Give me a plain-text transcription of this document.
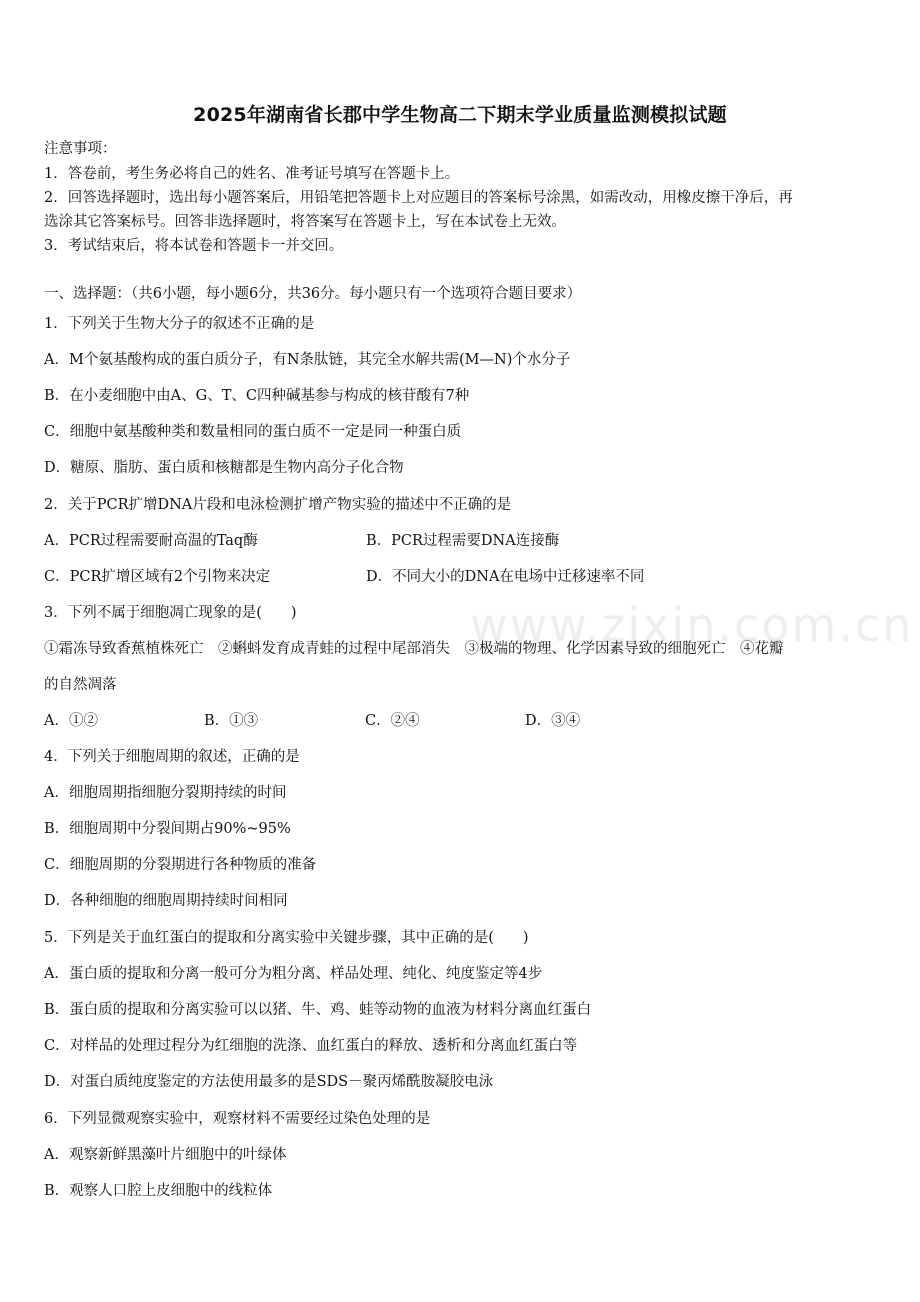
2025年湖南省长郡中学生物高二下期末学业质量监测模拟试题
注意事项：
1．答卷前，考生务必将自己的姓名、准考证号填写在答题卡上。
2．回答选择题时，选出每小题答案后，用铅笔把答题卡上对应题目的答案标号涂黑，如需改动，用橡皮擦干净后，再
选涂其它答案标号。回答非选择题时，将答案写在答题卡上，写在本试卷上无效。
3．考试结束后，将本试卷和答题卡一并交回。
一、选择题：（共6小题，每小题6分，共36分。每小题只有一个选项符合题目要求）
1．下列关于生物大分子的叙述不正确的是
A．M个氨基酸构成的蛋白质分子，有N条肽链，其完全水解共需(M—N)个水分子
B．在小麦细胞中由A、G、T、C四种碱基参与构成的核苷酸有7种
C．细胞中氨基酸种类和数量相同的蛋白质不一定是同一种蛋白质
D．糖原、脂肪、蛋白质和核糖都是生物内高分子化合物
2．关于PCR扩增DNA片段和电泳检测扩增产物实验的描述中不正确的是
A．PCR过程需要耐高温的Taq酶	B．PCR过程需要DNA连接酶
C．PCR扩增区域有2个引物来决定	D．不同大小的DNA在电场中迁移速率不同
3．下列不属于细胞凋亡现象的是(　　)
①霜冻导致香蕉植株死亡　②蝌蚪发育成青蛙的过程中尾部消失　③极端的物理、化学因素导致的细胞死亡　④花瓣
的自然凋落
A．①②	B．①③	C．②④	D．③④
4．下列关于细胞周期的叙述，正确的是
A．细胞周期指细胞分裂期持续的时间
B．细胞周期中分裂间期占90%~95%
C．细胞周期的分裂期进行各种物质的准备
D．各种细胞的细胞周期持续时间相同
5．下列是关于血红蛋白的提取和分离实验中关键步骤，其中正确的是(　　)
A．蛋白质的提取和分离一般可分为粗分离、样品处理、纯化、纯度鉴定等4步
B．蛋白质的提取和分离实验可以以猪、牛、鸡、蛙等动物的血液为材料分离血红蛋白
C．对样品的处理过程分为红细胞的洗涤、血红蛋白的释放、透析和分离血红蛋白等
D．对蛋白质纯度鉴定的方法使用最多的是SDS－聚丙烯酰胺凝胶电泳
6．下列显微观察实验中，观察材料不需要经过染色处理的是
A．观察新鲜黑藻叶片细胞中的叶绿体
B．观察人口腔上皮细胞中的线粒体
www.zixin.com.cn
